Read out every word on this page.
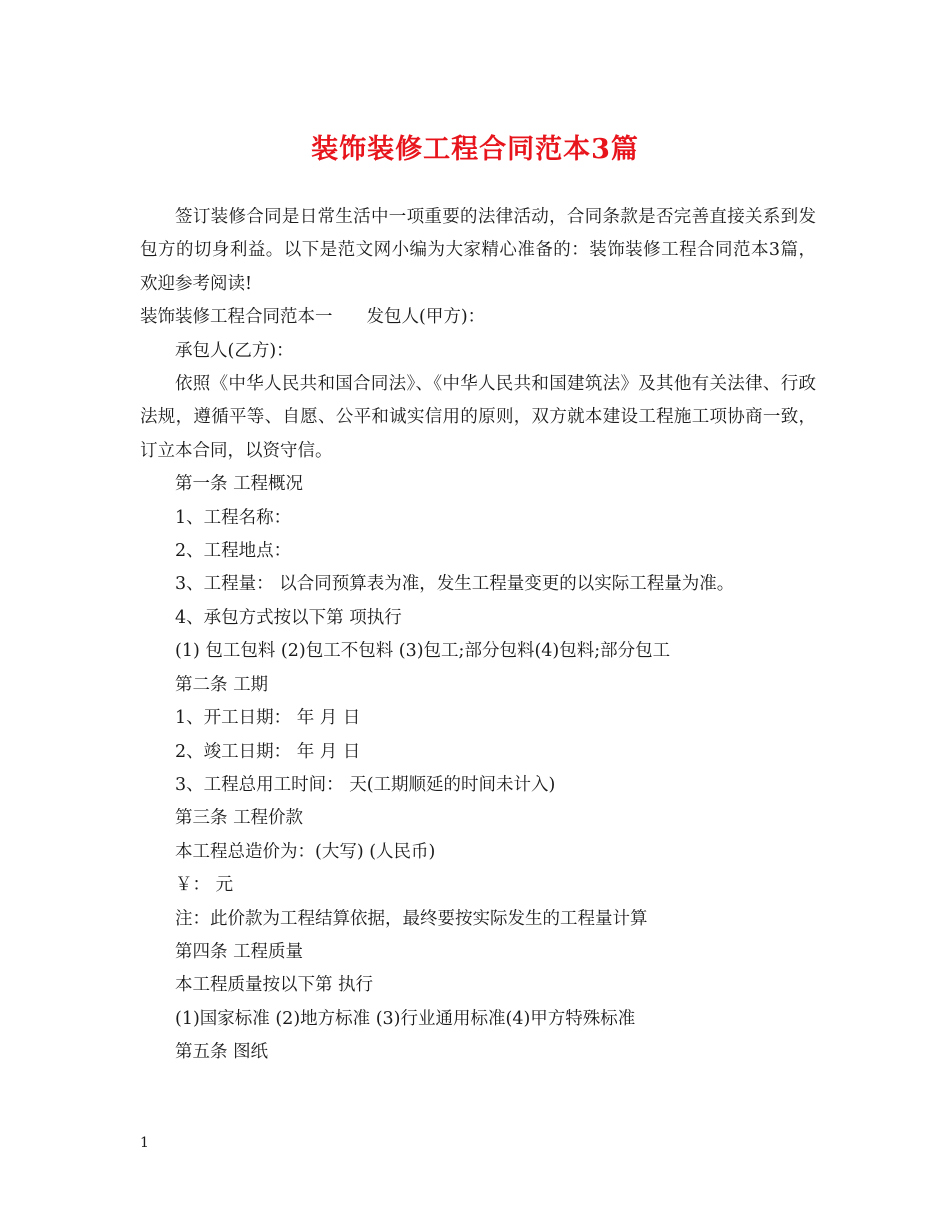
装饰装修工程合同范本3篇

签订装修合同是日常生活中一项重要的法律活动，合同条款是否完善直接关系到发包方的切身利益。以下是范文网小编为大家精心准备的：装饰装修工程合同范本3篇，欢迎参考阅读!

装饰装修工程合同范本一 发包人(甲方)：

承包人(乙方)：

依照《中华人民共和国合同法》、《中华人民共和国建筑法》及其他有关法律、行政法规，遵循平等、自愿、公平和诚实信用的原则，双方就本建设工程施工项协商一致，订立本合同，以资守信。

第一条 工程概况

1、工程名称：

2、工程地点：

3、工程量： 以合同预算表为准，发生工程量变更的以实际工程量为准。

4、承包方式按以下第 项执行

(1) 包工包料 (2)包工不包料 (3)包工;部分包料(4)包料;部分包工

第二条 工期

1、开工日期： 年 月 日

2、竣工日期： 年 月 日

3、工程总用工时间： 天(工期顺延的时间未计入)

第三条 工程价款

本工程总造价为：(大写) (人民币)

￥： 元

注：此价款为工程结算依据，最终要按实际发生的工程量计算

第四条 工程质量

本工程质量按以下第 执行

(1)国家标准 (2)地方标准 (3)行业通用标准(4)甲方特殊标准

第五条 图纸

1
